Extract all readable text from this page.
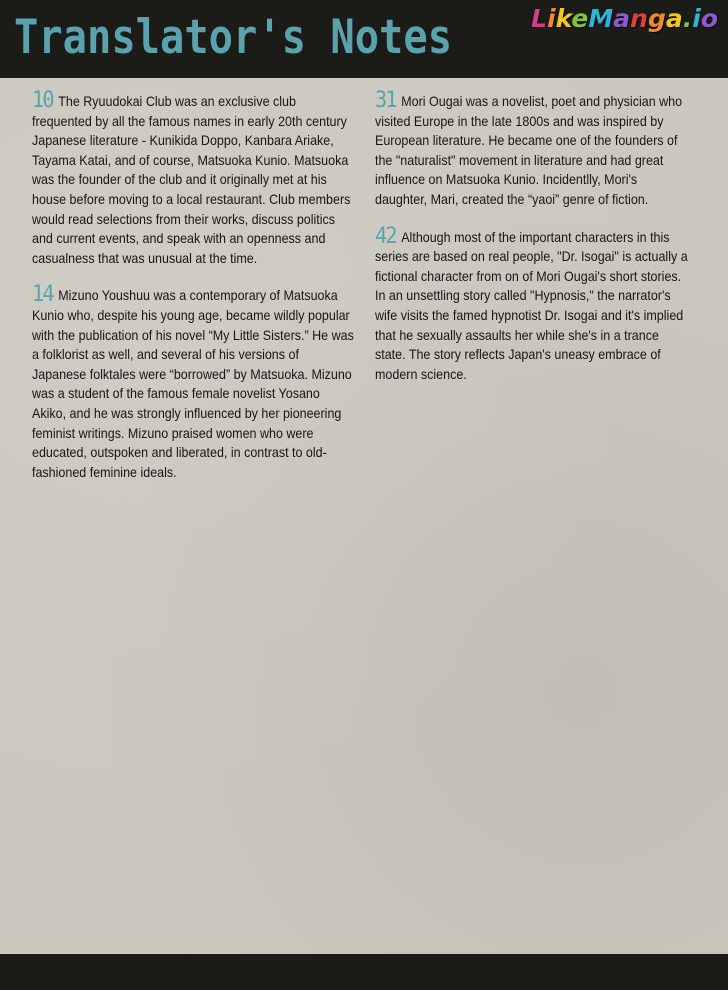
Translator's Notes	LikeManga.io

10 The Ryuudokai Club was an exclusive club frequented by all the famous names in early 20th century Japanese literature - Kunikida Doppo, Kanbara Ariake, Tayama Katai, and of course, Matsuoka Kunio. Matsuoka was the founder of the club and it originally met at his house before moving to a local restaurant. Club members would read selections from their works, discuss politics and current events, and speak with an openness and casualness that was unusual at the time.

14 Mizuno Youshuu was a contemporary of Matsuoka Kunio who, despite his young age, became wildly popular with the publication of his novel “My Little Sisters.” He was a folklorist as well, and several of his versions of Japanese folktales were “borrowed” by Matsuoka. Mizuno was a student of the famous female novelist Yosano Akiko, and he was strongly influenced by her pioneering feminist writings. Mizuno praised women who were educated, outspoken and liberated, in contrast to old-fashioned feminine ideals.

31 Mori Ougai was a novelist, poet and physician who visited Europe in the late 1800s and was inspired by European literature. He became one of the founders of the "naturalist" movement in literature and had great influence on Matsuoka Kunio. Incidentlly, Mori's daughter, Mari, created the “yaoi” genre of fiction.

42 Although most of the important characters in this series are based on real people, "Dr. Isogai" is actually a fictional character from on of Mori Ougai's short stories. In an unsettling story called "Hypnosis," the narrator's wife visits the famed hypnotist Dr. Isogai and it's implied that he sexually assaults her while she's in a trance state. The story reflects Japan's uneasy embrace of modern science.
